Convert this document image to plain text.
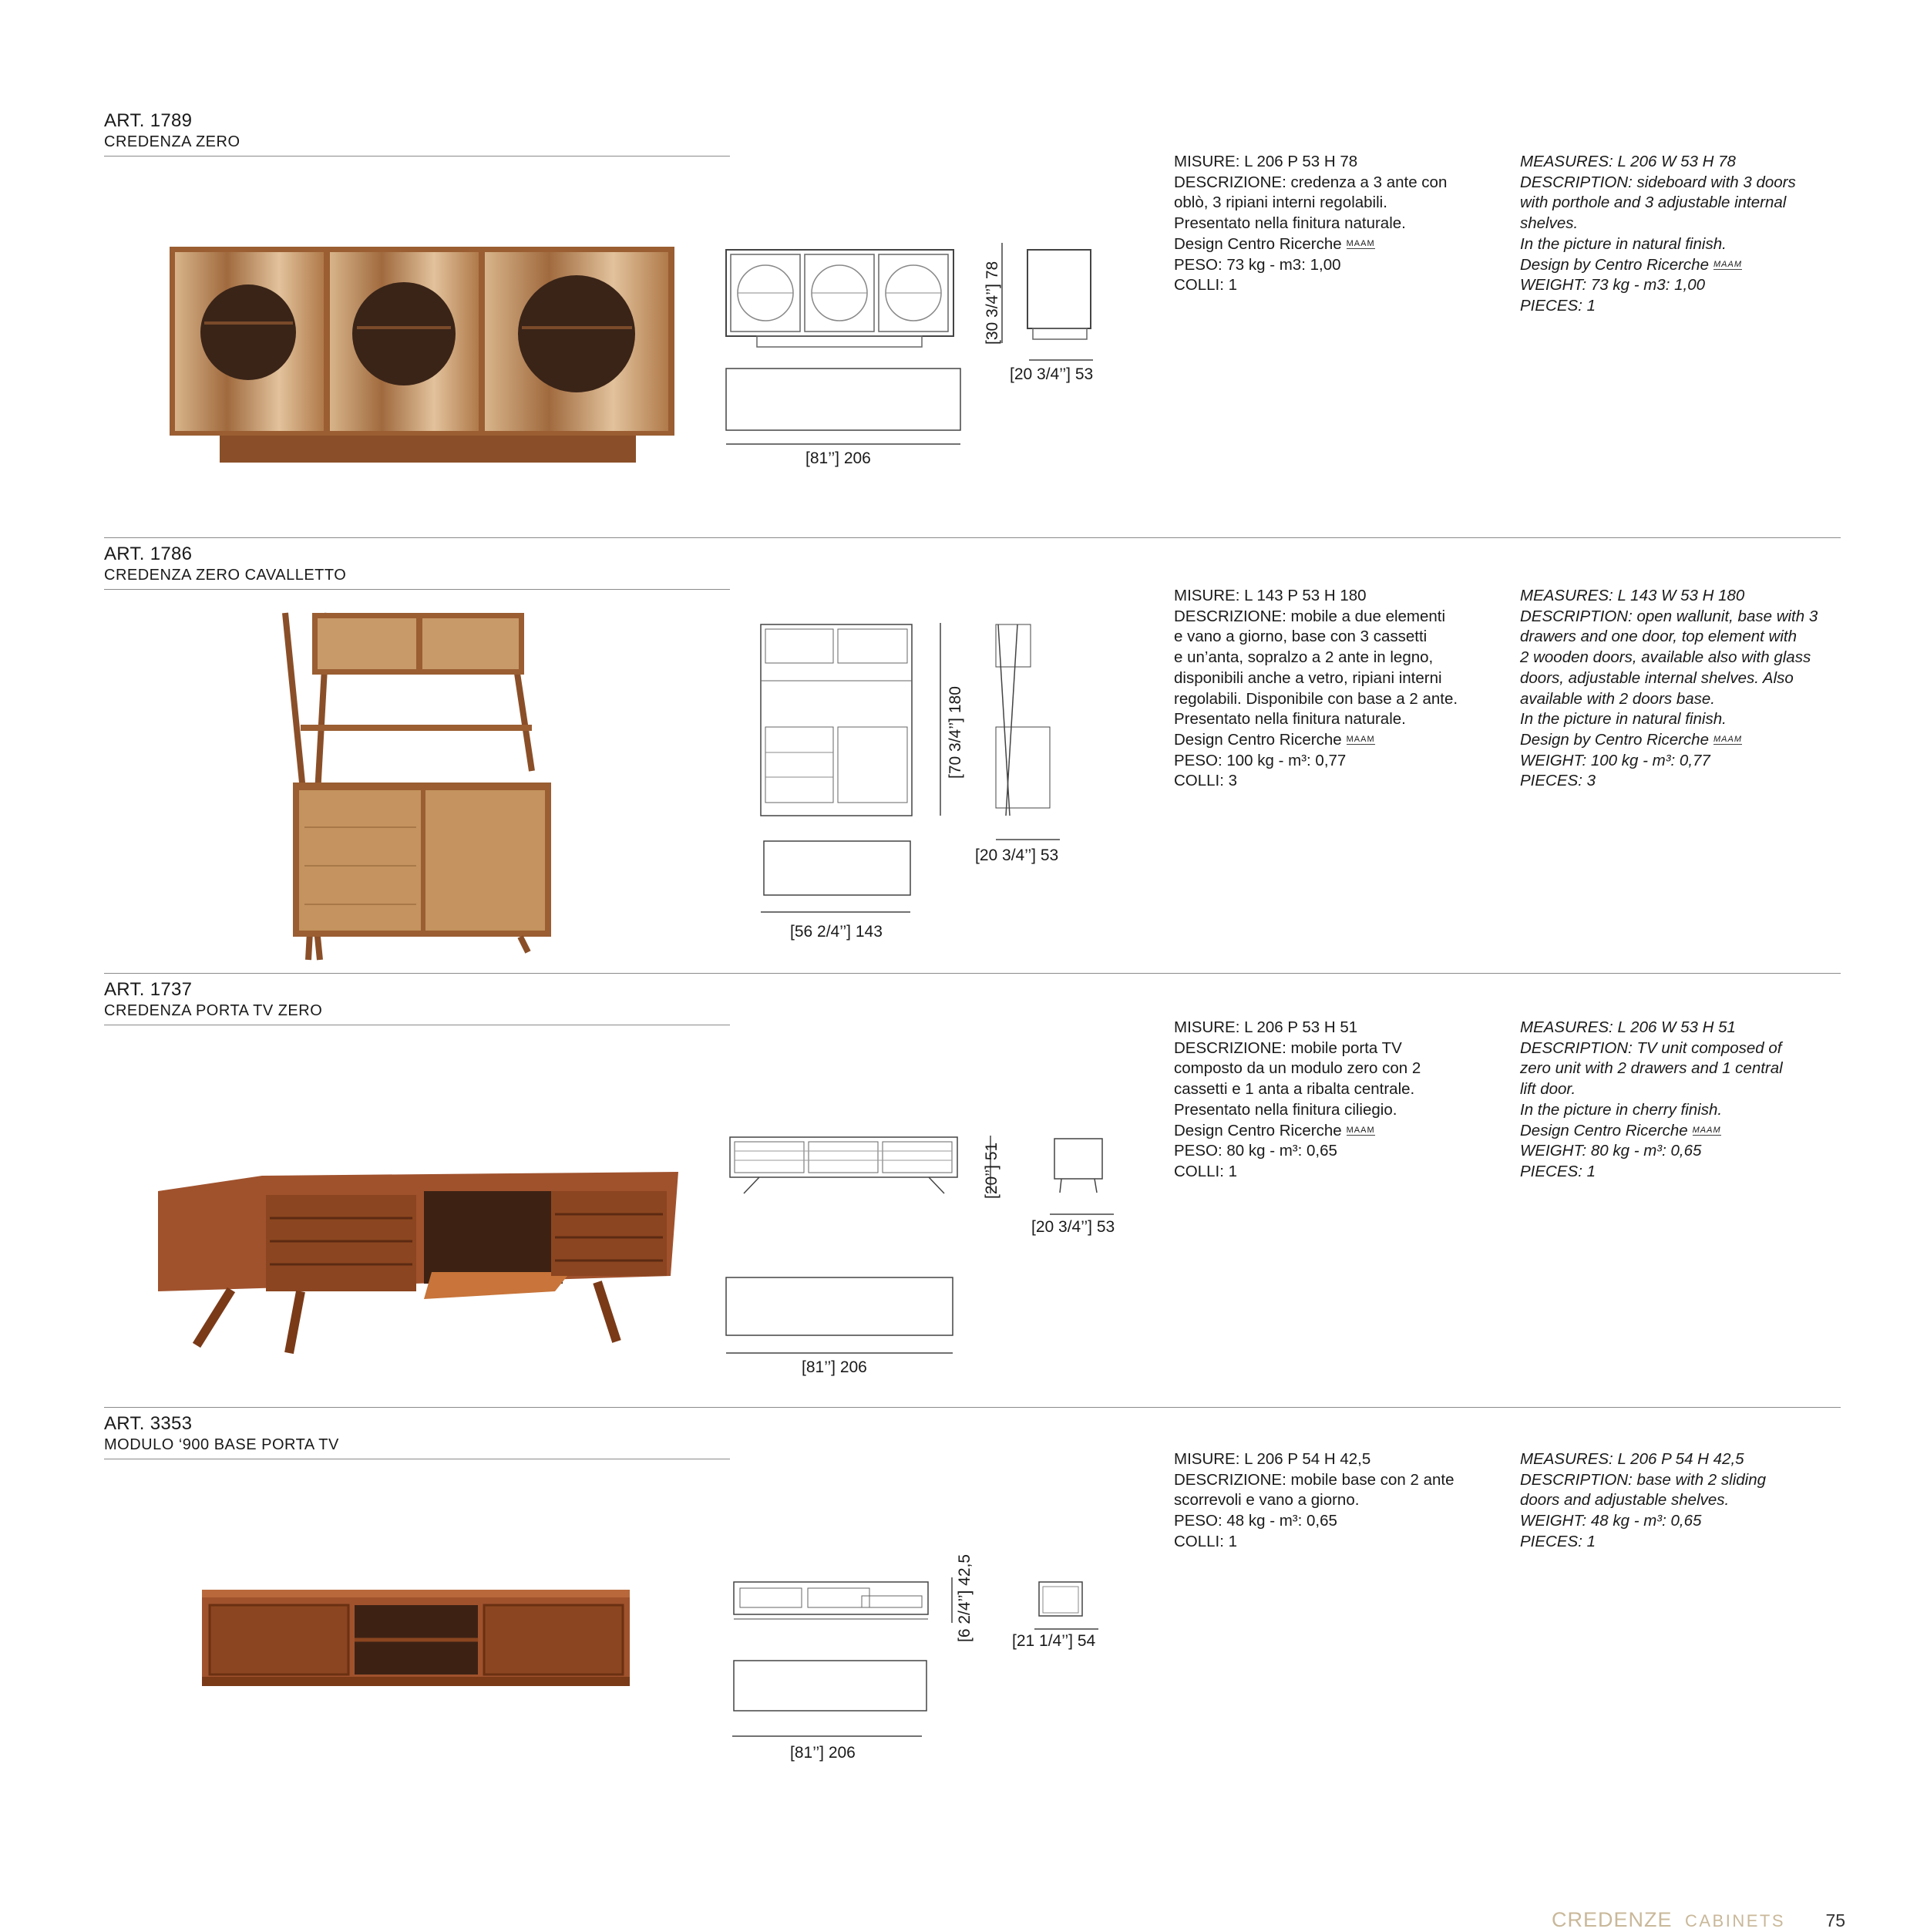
ART. 1789
CREDENZA ZERO
[30 3/4’’] 78
[20 3/4’’] 53
[81’’] 206
MISURE: L 206 P 53 H 78
DESCRIZIONE: credenza a 3 ante con
oblò, 3 ripiani interni regolabili.
Presentato nella finitura naturale.
Design Centro Ricerche MAAM
PESO: 73 kg - m3: 1,00
COLLI: 1
MEASURES: L 206 W 53 H 78
DESCRIPTION: sideboard with 3 doors
with porthole and 3 adjustable internal
shelves.
In the picture in natural finish.
Design by Centro Ricerche MAAM
WEIGHT: 73 kg - m3: 1,00
PIECES: 1
ART. 1786
CREDENZA ZERO CAVALLETTO
[70 3/4’’] 180
[20 3/4’’] 53
[56 2/4’’] 143
MISURE: L 143 P 53 H 180
DESCRIZIONE: mobile a due elementi
e vano a giorno, base con 3 cassetti
e un’anta, sopralzo a 2 ante in legno,
disponibili anche a vetro, ripiani interni
regolabili. Disponibile con base a 2 ante.
Presentato nella finitura naturale.
Design Centro Ricerche MAAM
PESO: 100 kg - m³: 0,77
COLLI: 3
MEASURES: L 143 W 53 H 180
DESCRIPTION: open wallunit, base with 3
drawers and one door, top element with
2 wooden doors, available also with glass
doors, adjustable internal shelves. Also
available with 2 doors base.
In the picture in natural finish.
Design by Centro Ricerche MAAM
WEIGHT: 100 kg - m³: 0,77
PIECES: 3
ART. 1737
CREDENZA PORTA TV ZERO
[20’’] 51
[20 3/4’’] 53
[81’’] 206
MISURE: L 206 P 53 H 51
DESCRIZIONE: mobile porta TV
composto da un modulo zero con 2
cassetti e 1 anta a ribalta centrale.
Presentato nella finitura ciliegio.
Design Centro Ricerche MAAM
PESO: 80 kg - m³: 0,65
COLLI: 1
MEASURES: L 206 W 53 H 51
DESCRIPTION: TV unit composed of
zero unit with 2 drawers and 1 central
lift door.
In the picture in cherry finish.
Design Centro Ricerche MAAM
WEIGHT: 80 kg - m³: 0,65
PIECES: 1
ART. 3353
MODULO ‘900 BASE PORTA TV
[6 2/4’’] 42,5 [21 1/4’’] 54
[81’’] 206
MISURE: L 206 P 54 H 42,5
DESCRIZIONE: mobile base con 2 ante
scorrevoli e vano a giorno.
PESO: 48 kg - m³: 0,65
COLLI: 1
MEASURES: L 206 P 54 H 42,5
DESCRIPTION: base with 2 sliding
doors and adjustable shelves.
WEIGHT: 48 kg - m³: 0,65
PIECES: 1
CREDENZE CABINETS 75
